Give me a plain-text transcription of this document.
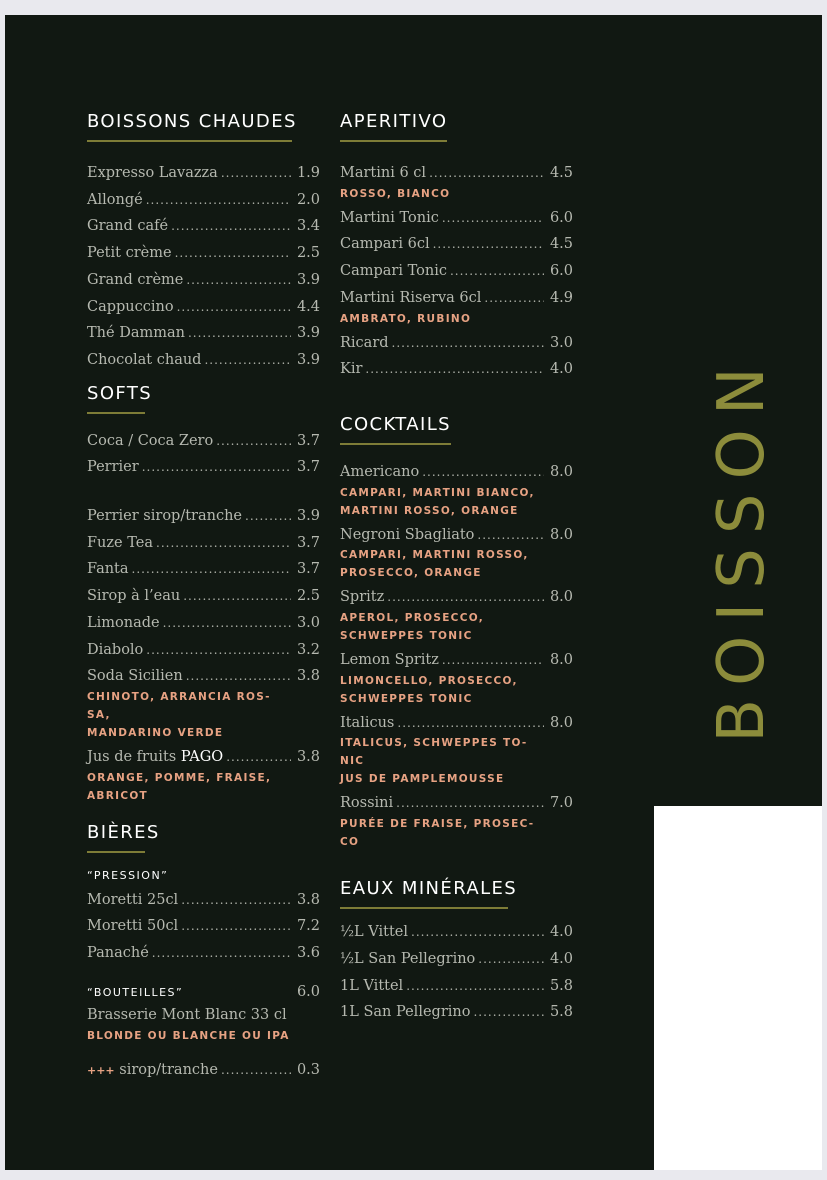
BOISSON
BOISSONS CHAUDES
Expresso Lavazza .....	1.9
Allongé .....	2.0
Grand café .....	3.4
Petit crème .....	2.5
Grand crème .....	3.9
Cappuccino .....	4.4
Thé Damman .....	3.9
Chocolat chaud .....	3.9
SOFTS
Coca / Coca Zero .....	3.7
Perrier .....	3.7
Perrier sirop/tranche .....	3.9
Fuze Tea .....	3.7
Fanta .....	3.7
Sirop à l’eau .....	2.5
Limonade .....	3.0
Diabolo .....	3.2
Soda Sicilien .....	3.8
CHINOTO, ARRANCIA ROS-
SA,
MANDARINO VERDE
Jus de fruits PAGO .....	3.8
ORANGE, POMME, FRAISE,
ABRICOT
BIÈRES
“PRESSION”
Moretti 25cl .....	3.8
Moretti 50cl .....	7.2
Panaché .....	3.6
“BOUTEILLES”	6.0
Brasserie Mont Blanc 33 cl
BLONDE OU BLANCHE OU IPA
+++ sirop/tranche .....	0.3
APERITIVO
Martini 6 cl .....	4.5
ROSSO, BIANCO
Martini Tonic .....	6.0
Campari 6cl .....	4.5
Campari Tonic .....	6.0
Martini Riserva 6cl .....	4.9
AMBRATO, RUBINO
Ricard .....	3.0
Kir .....	4.0
COCKTAILS
Americano .....	8.0
CAMPARI, MARTINI BIANCO,
MARTINI ROSSO, ORANGE
Negroni Sbagliato .....	8.0
CAMPARI, MARTINI ROSSO,
PROSECCO, ORANGE
Spritz .....	8.0
APEROL, PROSECCO,
SCHWEPPES TONIC
Lemon Spritz .....	8.0
LIMONCELLO, PROSECCO,
SCHWEPPES TONIC
Italicus .....	8.0
ITALICUS, SCHWEPPES TO-
NIC
JUS DE PAMPLEMOUSSE
Rossini .....	7.0
PURÉE DE FRAISE, PROSEC-
CO
EAUX MINÉRALES
½L Vittel .....	4.0
½L San Pellegrino .....	4.0
1L Vittel .....	5.8
1L San Pellegrino .....	5.8
